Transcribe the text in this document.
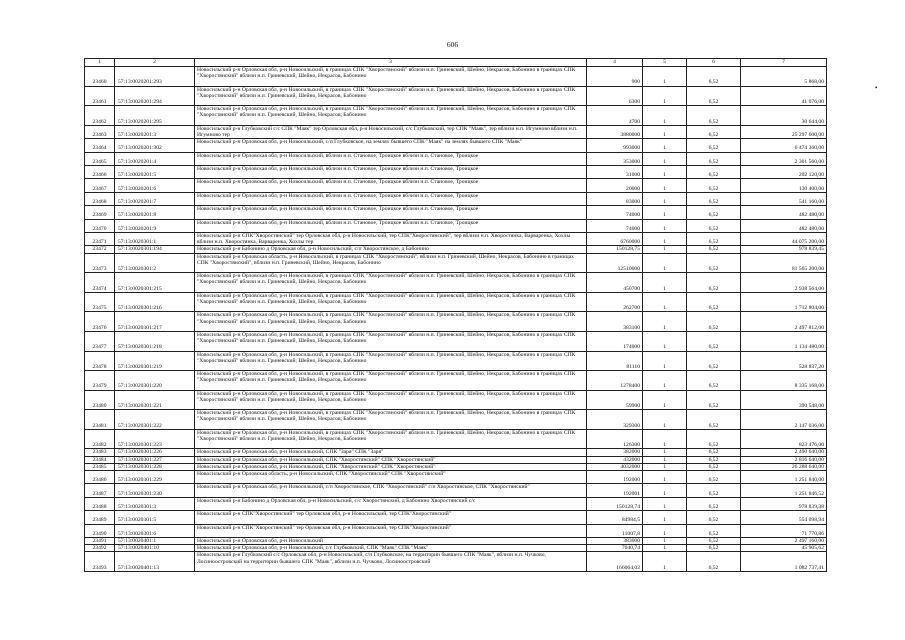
606
•
1	2	3	4	5	6	7
23460	57:13:0020201:293	Новосильский р-н Орловская обл, р-н Новосильский, в границах СПК "Хворостянский" вблизи н.п. Гриневский, Шейно, Некрасов, Бабонино в границах СПК "Хворостянский" вблизи н.п. Гриневский, Шейно, Некрасов, Бабонино	900	1	6,52	5 868,00
23461	57:13:0020201:294	Новосильский р-н Орловская обл, р-н Новосильский, в границах СПК "Хворостянский" вблизи н.п. Гриневский, Шейно, Некрасов, Бабонино в границах СПК "Хворостянский" вблизи н.п. Гриневский, Шейно, Некрасов, Бабонино	6300	1	6,52	41 076,00
23462	57:13:0020201:295	Новосильский р-н Орловская обл, р-н Новосильский, в границах СПК "Хворостянский" вблизи н.п. Гриневский, Шейно, Некрасов, Бабонино в границах СПК "Хворостянский" вблизи н.п. Гриневский, Шейно, Некрасов, Бабонино	4700	1	6,52	30 644,00
23463	57:13:0020201:3	Новосильский р-н Глубковский с/с СПК "Маяк" тер Орловская обл, р-н Новосильский, с/с Глубковский, тер СПК "Маяк", тер вблизи н.п. Игумново вблизи н.п. Игумново тер	3880000	1	6,52	25 297 600,00
23464	57:13:0020201:302	Новосильский р-н Орловская обл, р-н Новосильский, с/п Глубковское, на землях бывшего СПК "Маяк" на землях бывшего СПК "Маяк"	993000	1	6,52	6 474 360,00
23465	57:13:0020201:4	Новосильский р-н Орловская обл, р-н Новосильский, вблизи н.п. Становое, Троицкое вблизи н.п. Становое, Троицкое	353000	1	6,52	2 301 560,00
23466	57:13:0020201:5	Новосильский р-н Орловская обл, р-н Новосильский, вблизи н.п. Становое, Троицкое вблизи н.п. Становое, Троицкое	31000	1	6,52	202 120,00
23467	57:13:0020201:6	Новосильский р-н Орловская обл, р-н Новосильский, вблизи н.п. Становое, Троицкое вблизи н.п. Становое, Троицкое	20000	1	6,52	130 400,00
23468	57:13:0020201:7	Новосильский р-н Орловская обл, р-н Новосильский, вблизи н.п. Становое, Троицкое вблизи н.п. Становое, Троицкое	83000	1	6,52	541 160,00
23469	57:13:0020201:8	Новосильский р-н Орловская обл, р-н Новосильский, вблизи н.п. Становое, Троицкое вблизи н.п. Становое, Троицкое	74000	1	6,52	482 480,00
23470	57:13:0020201:9	Новосильский р-н Орловская обл, р-н Новосильский, вблизи н.п. Становое, Троицкое вблизи н.п. Становое, Троицкое	74000	1	6,52	482 480,00
23471	57:13:0020301:1	Новосильский р-н СПК"Хворостянский" тер Орловская обл, р-н Новосильский, тер СПК"Хворостянский", тер вблизи н.п. Хворостянка, Варваренка, Хохлы вблизи н.п. Хворостянка, Варваренка, Хохлы тер	6760000	1	6,52	44 075 200,00
23472	57:13:0020301:194	Новосильский р-н Бабонино д Орловская обл, р-н Новосильский, с/п Хворостянское, д Бабонино	150128,75	1	6,52	978 839,45
23473	57:13:0020301:2	Новосильский р-н Орловская область, р-н Новосильский, в границах СПК "Хворостянский", вблизи н.п. Гриневский, Шейно, Некрасов, Бабонино в границах СПК "Хворостянский", вблизи н.п. Гриневский, Шейно, Некрасов, Бабонино	12510000	1	6,52	81 565 200,00
23474	57:13:0020301:215	Новосильский р-н Орловская обл, р-н Новосильский, в границах СПК "Хворостянский" вблизи н.п. Гриневский, Шейно, Некрасов, Бабонино в границах СПК "Хворостянский" вблизи н.п. Гриневский, Шейно, Некрасов, Бабонино	450700	1	6,52	2 938 564,00
23475	57:13:0020301:216	Новосильский р-н Орловская обл, р-н Новосильский, в границах СПК "Хворостянский" вблизи н.п. Гриневский, Шейно, Некрасов, Бабонино в границах СПК "Хворостянский" вблизи н.п. Гриневский, Шейно, Некрасов, Бабонино	262700	1	6,52	1 712 804,00
23476	57:13:0020301:217	Новосильский р-н Орловская обл, р-н Новосильский, в границах СПК "Хворостянский" вблизи н.п. Гриневский, Шейно, Некрасов, Бабонино в границах СПК "Хворостянский" вблизи н.п. Гриневский, Шейно, Некрасов, Бабонино	383100	1	6,52	2 497 812,00
23477	57:13:0020301:218	Новосильский р-н Орловская обл, р-н Новосильский, в границах СПК "Хворостянский" вблизи н.п. Гриневский, Шейно, Некрасов, Бабонино в границах СПК "Хворостянский" вблизи н.п. Гриневский, Шейно, Некрасов, Бабонино	174000	1	6,52	1 134 480,00
23478	57:13:0020301:219	Новосильский р-н Орловская обл, р-н Новосильский, в границах СПК "Хворостянский" вблизи н.п. Гриневский, Шейно, Некрасов, Бабонино в границах СПК "Хворостянский" вблизи н.п. Гриневский, Шейно, Некрасов, Бабонино	81110	1	6,52	528 837,20
23479	57:13:0020301:220	Новосильский р-н Орловская обл, р-н Новосильский, в границах СПК "Хворостянский" вблизи н.п. Гриневский, Шейно, Некрасов, Бабонино в границах СПК "Хворостянский" вблизи н.п. Гриневский, Шейно, Некрасов, Бабонино	1278400	1	6,52	8 335 168,00
23480	57:13:0020301:221	Новосильский р-н Орловская обл, р-н Новосильский, в границах СПК "Хворостянский" вблизи н.п. Гриневский, Шейно, Некрасов, Бабонино в границах СПК "Хворостянский" вблизи н.п. Гриневский, Шейно, Некрасов, Бабонино	59900	1	6,52	390 548,00
23481	57:13:0020301:222	Новосильский р-н Орловская обл, р-н Новосильский, в границах СПК "Хворостянский" вблизи н.п. Гриневский, Шейно, Некрасов, Бабонино в границах СПК "Хворостянский" вблизи н.п. Гриневский, Шейно, Некрасов, Бабонино	329300	1	6,52	2 147 036,00
23482	57:13:0020301:223	Новосильский р-н Орловская обл, р-н Новосильский, в границах СПК "Хворостянский" вблизи н.п. Гриневский, Шейно, Некрасов, Бабонино в границах СПК "Хворостянский" вблизи н.п. Гриневский, Шейно, Некрасов, Бабонино	126300	1	6,52	823 476,00
23483	57:13:0020301:226	Новосильский р-н Орловская обл, р-н Новосильский, СПК "Заря" СПК "Заря"	382000	1	6,52	2 490 640,00
23484	57:13:0020301:227	Новосильский р-н Орловская обл, р-н Новосильский, СПК "Хворостянский" СПК "Хворостянский"	432000	1	6,52	2 816 640,00
23485	57:13:0020301:228	Новосильский р-н Орловская обл, р-н Новосильский, СПК "Хворостянский" СПК "Хворостянский"	4032000	1	6,52	26 288 640,00
23486	57:13:0020301:229	Новосильский р-н Орловская область, р-н Новосильский, СПК "Хворостянский" СПК "Хворостянский"	192000	1	6,52	1 251 840,00
23487	57:13:0020301:230	Новосильский р-н Орловская обл, р-н Новосильский, с/п Хворостянское, СПК "Хворостянский" с/п Хворостянское, СПК "Хворостянский"	192001	1	6,52	1 251 846,52
23488	57:13:0020301:3	Новосильский р-н Бабонино д Орловская обл, р-н Новосильский, с/с Хворостянский, д Бабонино Хворостянский с/с	150128,74	1	6,52	978 839,38
23489	57:13:0020301:5	Новосильский р-н СПК"Хворостянский" тер Орловская обл, р-н Новосильский, тер СПК"Хворостянский"	84984,5	1	6,52	554 098,94
23490	57:13:0020301:6	Новосильский р-н СПК"Хворостянский" тер Орловская обл, р-н Новосильский, тер СПК"Хворостянский"	11007,8	1	6,52	71 770,86
23491	57:13:0020401:1	Новосильский р-н Орловская обл, р-н Новосильский	383000	1	6,52	2 497 160,00
23492	57:13:0020401:10	Новосильский р-н Орловская обл, р-н Новосильский, с/с Глубковский, СПК "Маяк" СПК "Маяк"	7040,74	1	6,52	45 905,62
23493	57:13:0020401:13	Новосильский р-н Глубковский с/с Орловская обл, р-н Новосильский, с/п Глубковское, на территории бывшего СПК "Маяк", вблизи н.п. Чучково, Лосиноостровский на территории бывшего СПК "Маяк", вблизи н.п. Чучково, Лосиноостровский	166064,02	1	6,52	1 082 737,41
